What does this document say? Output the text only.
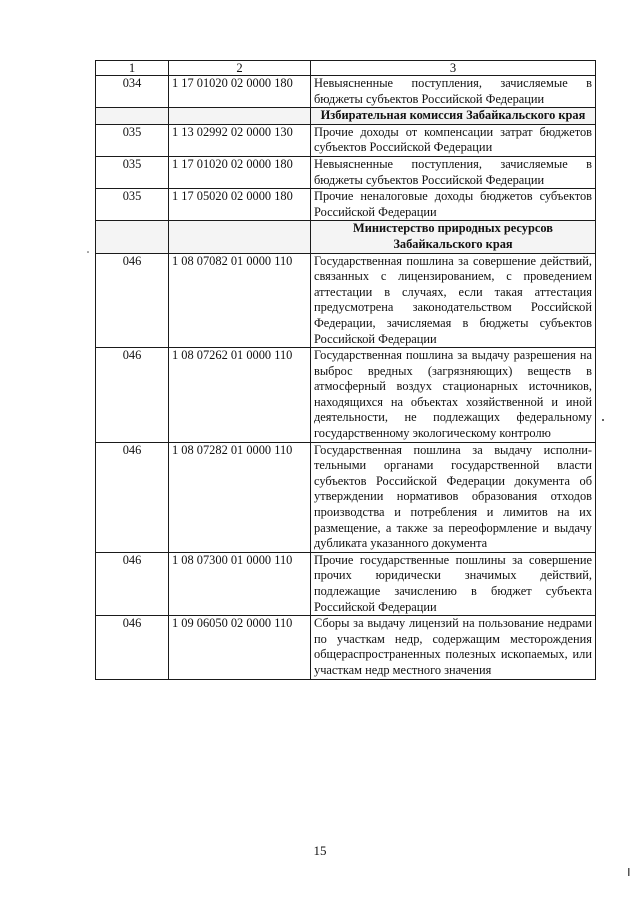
1	2	3
034	1 17 01020 02 0000 180	Невыясненные поступления, зачисляемые в бюджеты субъектов Российской Федерации
		Избирательная комиссия Забайкальского края
035	1 13 02992 02 0000 130	Прочие доходы от компенсации затрат бюджетов субъектов Российской Федерации
035	1 17 01020 02 0000 180	Невыясненные поступления, зачисляемые в бюджеты субъектов Российской Федерации
035	1 17 05020 02 0000 180	Прочие неналоговые доходы бюджетов субъектов Российской Федерации
		Министерство природных ресурсов Забайкальского края
046	1 08 07082 01 0000 110	Государственная пошлина за совершение действий, связанных с лицензированием, с проведением аттестации в случаях, если такая аттестация предусмотрена законодательством Российской Федерации, зачисляемая в бюджеты субъектов Российской Федерации
046	1 08 07262 01 0000 110	Государственная пошлина за выдачу разрешения на выброс вредных (загрязняющих) веществ в атмосферный воздух стационарных источников, находящихся на объектах хозяйственной и иной деятельности, не подлежащих федеральному государственному экологическому контролю
046	1 08 07282 01 0000 110	Государственная пошлина за выдачу исполнительными органами государственной власти субъектов Российской Федерации документа об утверждении нормативов образования отходов производства и потребления и лимитов на их размещение, а также за переоформление и выдачу дубликата указанного документа
046	1 08 07300 01 0000 110	Прочие государственные пошлины за совершение прочих юридически значимых действий, подлежащие зачислению в бюджет субъекта Российской Федерации
046	1 09 06050 02 0000 110	Сборы за выдачу лицензий на пользование недрами по участкам недр, содержащим месторождения общераспространенных полезных ископаемых, или участкам недр местного значения
15
